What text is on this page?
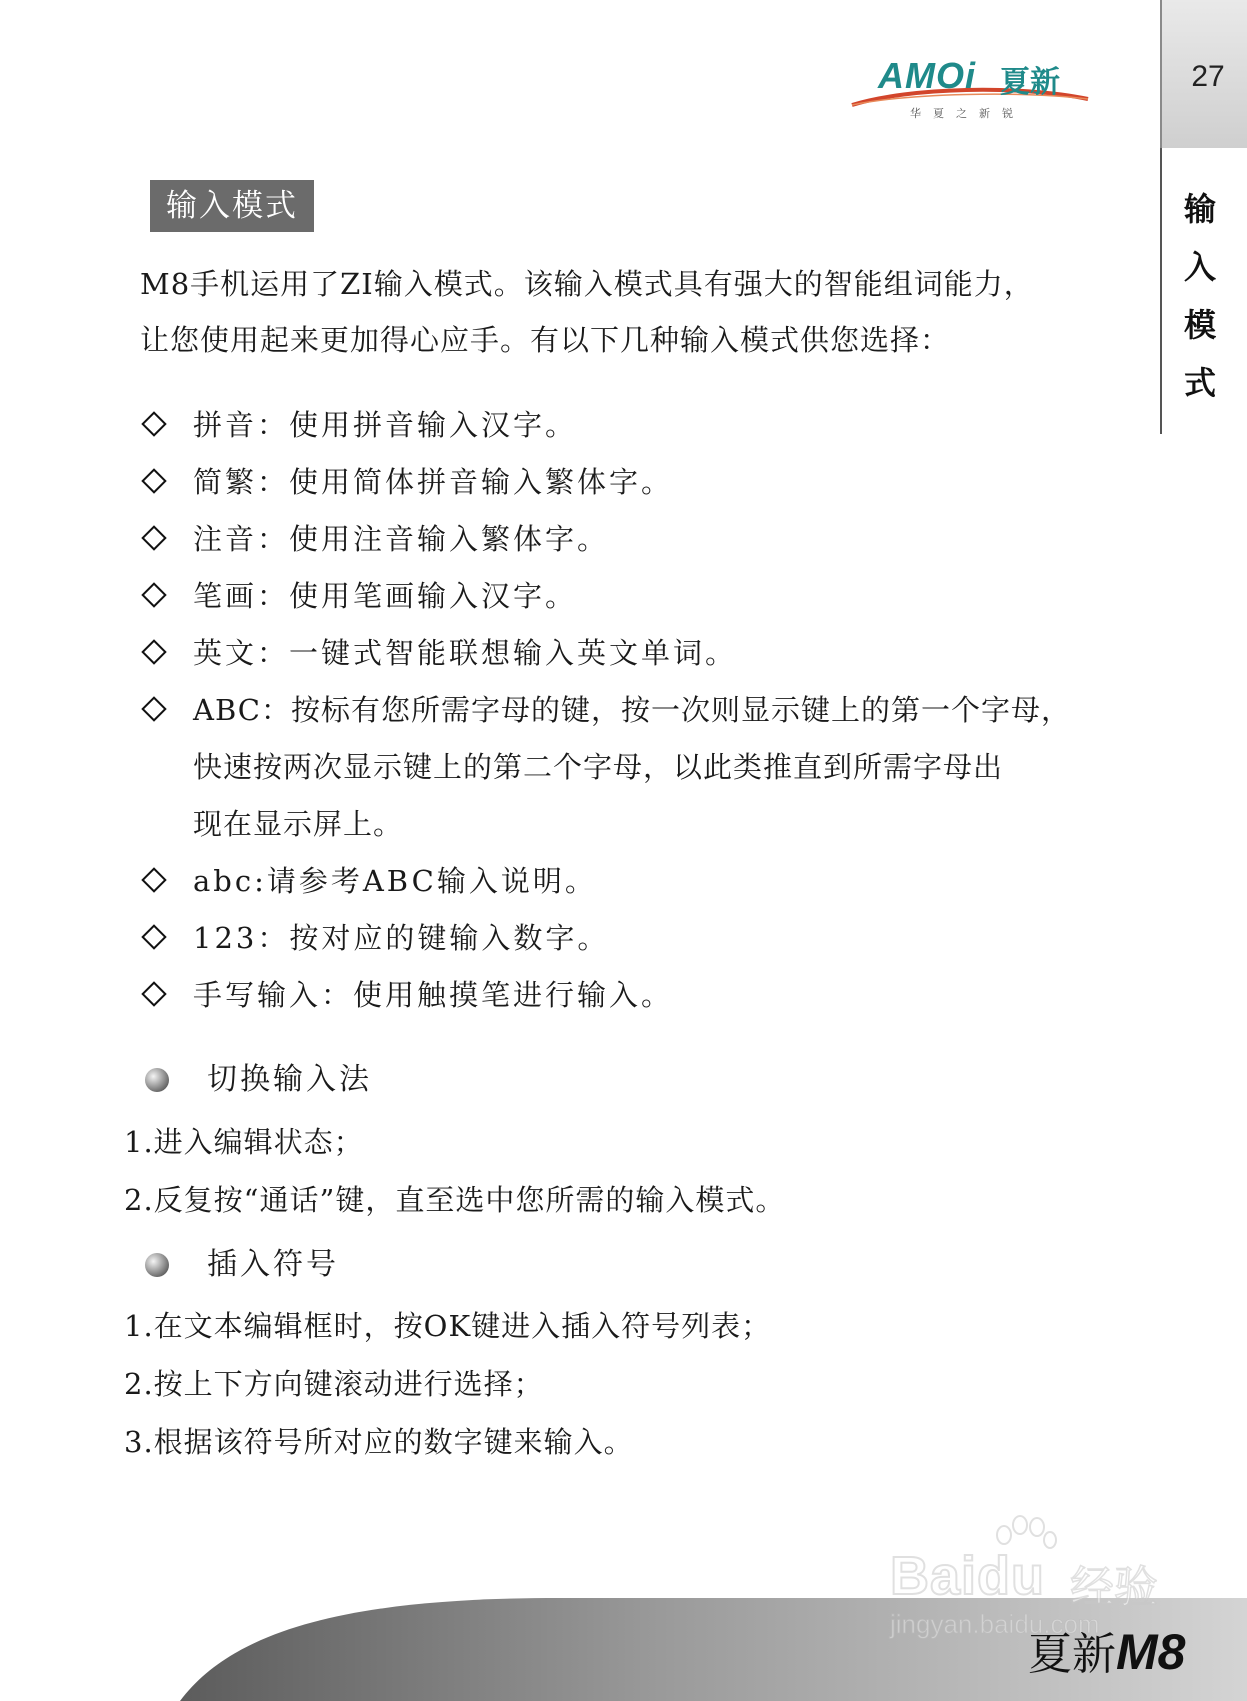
27
输
入
模
式
AMOi 夏新
华夏之新锐
输入模式
M8手机运用了ZI输入模式。该输入模式具有强大的智能组词能力，
让您使用起来更加得心应手。有以下几种输入模式供您选择：
拼音：使用拼音输入汉字。
简繁：使用简体拼音输入繁体字。
注音：使用注音输入繁体字。
笔画：使用笔画输入汉字。
英文：一键式智能联想输入英文单词。
ABC：按标有您所需字母的键，按一次则显示键上的第一个字母，
快速按两次显示键上的第二个字母，以此类推直到所需字母出
现在显示屏上。
abc:请参考ABC输入说明。
123：按对应的键输入数字。
手写输入：使用触摸笔进行输入。
切换输入法
1.进入编辑状态；
2.反复按“通话”键，直至选中您所需的输入模式。
插入符号
1.在文本编辑框时，按OK键进入插入符号列表；
2.按上下方向键滚动进行选择；
3.根据该符号所对应的数字键来输入。
Baidu 经验
jingyan.baidu.com
夏新M8
